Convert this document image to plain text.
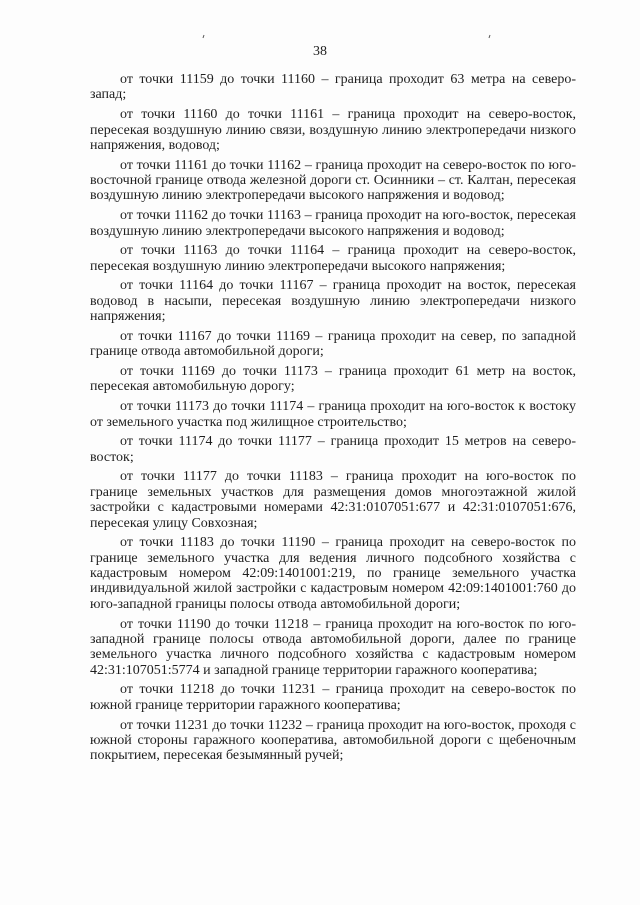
38

от точки 11159 до точки 11160 – граница проходит 63 метра на северо-запад;

от точки 11160 до точки 11161 – граница проходит на северо-восток, пересекая воздушную линию связи, воздушную линию электропередачи низкого напряжения, водовод;

от точки 11161 до точки 11162 – граница проходит на северо-восток по юго-восточной границе отвода железной дороги ст. Осинники – ст. Калтан, пересекая воздушную линию электропередачи высокого напряжения и водовод;

от точки 11162 до точки 11163 – граница проходит на юго-восток, пересекая воздушную линию электропередачи высокого напряжения и водовод;

от точки 11163 до точки 11164 – граница проходит на северо-восток, пересекая воздушную линию электропередачи высокого напряжения;

от точки 11164 до точки 11167 – граница проходит на восток, пересекая водовод в насыпи, пересекая воздушную линию электропередачи низкого напряжения;

от точки 11167 до точки 11169 – граница проходит на север, по западной границе отвода автомобильной дороги;

от точки 11169 до точки 11173 – граница проходит 61 метр на восток, пересекая автомобильную дорогу;

от точки 11173 до точки 11174 – граница проходит на юго-восток к востоку от земельного участка под жилищное строительство;

от точки 11174 до точки 11177 – граница проходит 15 метров на северо-восток;

от точки 11177 до точки 11183 – граница проходит на юго-восток по границе земельных участков для размещения домов многоэтажной жилой застройки с кадастровыми номерами 42:31:0107051:677 и 42:31:0107051:676, пересекая улицу Совхозная;

от точки 11183 до точки 11190 – граница проходит на северо-восток по границе земельного участка для ведения личного подсобного хозяйства с кадастровым номером 42:09:1401001:219, по границе земельного участка индивидуальной жилой застройки с кадастровым номером 42:09:1401001:760 до юго-западной границы полосы отвода автомобильной дороги;

от точки 11190 до точки 11218 – граница проходит на юго-восток по юго-западной границе полосы отвода автомобильной дороги, далее по границе земельного участка личного подсобного хозяйства с кадастровым номером 42:31:107051:5774 и западной границе территории гаражного кооператива;

от точки 11218 до точки 11231 – граница проходит на северо-восток по южной границе территории гаражного кооператива;

от точки 11231 до точки 11232 – граница проходит на юго-восток, проходя с южной стороны гаражного кооператива, автомобильной дороги с щебеночным покрытием, пересекая безымянный ручей;
